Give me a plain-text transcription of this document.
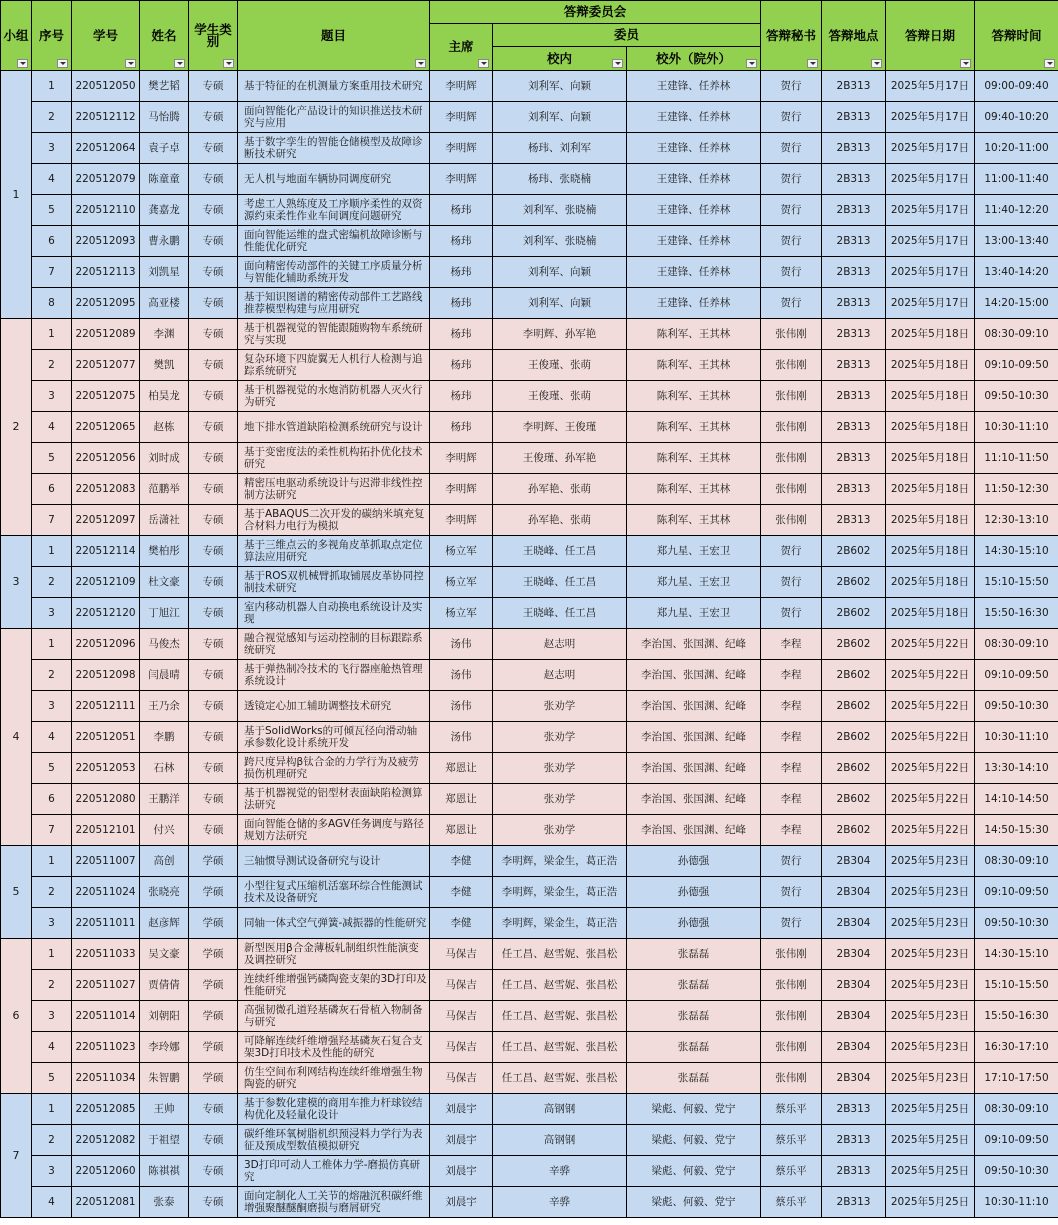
小组	序号	学号	姓名	学生类别	题目	答辩委员会			答辩秘书	答辩地点	答辩日期	答辩时间

						主席	委员					
							校内	校外（院外）				

1	1	220512050	樊艺韬	专硕	基于特征的在机测量方案重用技术研究	李明辉	刘利军、向颖	王建锋、任养林	贺行	2B313	2025年5月17日	09:00-09:40
	2	220512112	马怡腾	专硕	面向智能化产品设计的知识推送技术研究与应用	李明辉	刘利军、向颖	王建锋、任养林	贺行	2B313	2025年5月17日	09:40-10:20
	3	220512064	袁子卓	专硕	基于数字孪生的智能仓储模型及故障诊断技术研究	李明辉	杨玮、刘利军	王建锋、任养林	贺行	2B313	2025年5月17日	10:20-11:00
	4	220512079	陈童童	专硕	无人机与地面车辆协同调度研究	李明辉	杨玮、张晓楠	王建锋、任养林	贺行	2B313	2025年5月17日	11:00-11:40
	5	220512110	龚嘉龙	专硕	考虑工人熟练度及工序顺序柔性的双资源约束柔性作业车间调度问题研究	杨玮	刘利军、张晓楠	王建锋、任养林	贺行	2B313	2025年5月17日	11:40-12:20
	6	220512093	曹永鹏	专硕	面向智能运维的盘式密编机故障诊断与性能优化研究	杨玮	刘利军、张晓楠	王建锋、任养林	贺行	2B313	2025年5月17日	13:00-13:40
	7	220512113	刘凯星	专硕	面向精密传动部件的关键工序质量分析与智能化辅助系统开发	杨玮	刘利军、向颖	王建锋、任养林	贺行	2B313	2025年5月17日	13:40-14:20
	8	220512095	高亚楼	专硕	基于知识图谱的精密传动部件工艺路线推荐模型构建与应用研究	杨玮	刘利军、向颖	王建锋、任养林	贺行	2B313	2025年5月17日	14:20-15:00
2	1	220512089	李渊	专硕	基于机器视觉的智能跟随购物车系统研究与实现	杨玮	李明辉、孙军艳	陈利军、王其林	张伟刚	2B313	2025年5月18日	08:30-09:10
	2	220512077	樊凯	专硕	复杂环境下四旋翼无人机行人检测与追踪系统研究	杨玮	王俊瑾、张萌	陈利军、王其林	张伟刚	2B313	2025年5月18日	09:10-09:50
	3	220512075	柏昊龙	专硕	基于机器视觉的水炮消防机器人灭火行为研究	杨玮	王俊瑾、张萌	陈利军、王其林	张伟刚	2B313	2025年5月18日	09:50-10:30
	4	220512065	赵栋	专硕	地下排水管道缺陷检测系统研究与设计	杨玮	李明辉、王俊瑾	陈利军、王其林	张伟刚	2B313	2025年5月18日	10:30-11:10
	5	220512056	刘时成	专硕	基于变密度法的柔性机构拓扑优化技术研究	李明辉	王俊瑾、孙军艳	陈利军、王其林	张伟刚	2B313	2025年5月18日	11:10-11:50
	6	220512083	范鹏举	专硕	精密压电驱动系统设计与迟滞非线性控制方法研究	李明辉	孙军艳、张萌	陈利军、王其林	张伟刚	2B313	2025年5月18日	11:50-12:30
	7	220512097	岳潇社	专硕	基于ABAQUS二次开发的碳纳米填充复合材料力电行为模拟	李明辉	孙军艳、张萌	陈利军、王其林	张伟刚	2B313	2025年5月18日	12:30-13:10
3	1	220512114	樊柏彤	专硕	基于三维点云的多视角皮革抓取点定位算法应用研究	杨立军	王晓峰、任工昌	郑九星、王宏卫	贺行	2B602	2025年5月18日	14:30-15:10
	2	220512109	杜文豪	专硕	基于ROS双机械臂抓取铺展皮革协同控制技术研究	杨立军	王晓峰、任工昌	郑九星、王宏卫	贺行	2B602	2025年5月18日	15:10-15:50
	3	220512120	丁旭江	专硕	室内移动机器人自动换电系统设计及实现	杨立军	王晓峰、任工昌	郑九星、王宏卫	贺行	2B602	2025年5月18日	15:50-16:30
4	1	220512096	马俊杰	专硕	融合视觉感知与运动控制的目标跟踪系统研究	汤伟	赵志明	李治国、张国渊、纪峰	李程	2B602	2025年5月22日	08:30-09:10
	2	220512098	闫晨晴	专硕	基于弹热制冷技术的飞行器座舱热管理系统设计	汤伟	赵志明	李治国、张国渊、纪峰	李程	2B602	2025年5月22日	09:10-09:50
	3	220512111	王乃余	专硕	透镜定心加工辅助调整技术研究	汤伟	张劝学	李治国、张国渊、纪峰	李程	2B602	2025年5月22日	09:50-10:30
	4	220512051	李鹏	专硕	基于SolidWorks的可倾瓦径向滑动轴承参数化设计系统开发	汤伟	张劝学	李治国、张国渊、纪峰	李程	2B602	2025年5月22日	10:30-11:10
	5	220512053	石林	专硕	跨尺度异构β钛合金的力学行为及疲劳损伤机理研究	郑恩让	张劝学	李治国、张国渊、纪峰	李程	2B602	2025年5月22日	13:30-14:10
	6	220512080	王鹏洋	专硕	基于机器视觉的铝型材表面缺陷检测算法研究	郑恩让	张劝学	李治国、张国渊、纪峰	李程	2B602	2025年5月22日	14:10-14:50
	7	220512101	付兴	专硕	面向智能仓储的多AGV任务调度与路径规划方法研究	郑恩让	张劝学	李治国、张国渊、纪峰	李程	2B602	2025年5月22日	14:50-15:30
5	1	220511007	高创	学硕	三轴惯导测试设备研究与设计	李健	李明辉，梁金生，葛正浩	孙德强	贺行	2B304	2025年5月23日	08:30-09:10
	2	220511024	张晓亮	学硕	小型往复式压缩机活塞环综合性能测试技术及设备研究	李健	李明辉，梁金生，葛正浩	孙德强	贺行	2B304	2025年5月23日	09:10-09:50
	3	220511011	赵彦辉	学硕	同轴一体式空气弹簧-减振器的性能研究	李健	李明辉，梁金生，葛正浩	孙德强	贺行	2B304	2025年5月23日	09:50-10:30
6	1	220511033	吴文豪	学硕	新型医用β合金薄板轧制组织性能演变及调控研究	马保吉	任工昌、赵雪妮、张昌松	张磊磊	张伟刚	2B304	2025年5月23日	14:30-15:10
	2	220511027	贾倩倩	学硕	连续纤维增强钙磷陶瓷支架的3D打印及性能研究	马保吉	任工昌、赵雪妮、张昌松	张磊磊	张伟刚	2B304	2025年5月23日	15:10-15:50
	3	220511014	刘朝阳	学硕	高强韧微孔道羟基磷灰石骨植入物制备与研究	马保吉	任工昌、赵雪妮、张昌松	张磊磊	张伟刚	2B304	2025年5月23日	15:50-16:30
	4	220511023	李玲娜	学硕	可降解连续纤维增强羟基磷灰石复合支架3D打印技术及性能的研究	马保吉	任工昌、赵雪妮、张昌松	张磊磊	张伟刚	2B304	2025年5月23日	16:30-17:10
	5	220511034	朱智鹏	学硕	仿生空间布利网结构连续纤维增强生物陶瓷的研究	马保吉	任工昌、赵雪妮、张昌松	张磊磊	张伟刚	2B304	2025年5月23日	17:10-17:50
7	1	220512085	王帅	专硕	基于参数化建模的商用车推力杆球铰结构优化及轻量化设计	刘晨宇	高钢钢	梁彪、何毅、党宁	蔡乐平	2B313	2025年5月25日	08:30-09:10
	2	220512082	于祖望	专硕	碳纤维环氧树脂机织预浸料力学行为表征及预成型数值模拟研究	刘晨宇	高钢钢	梁彪、何毅、党宁	蔡乐平	2B313	2025年5月25日	09:10-09:50
	3	220512060	陈祺祺	专硕	3D打印可动人工椎体力学-磨损仿真研究	刘晨宇	辛骅	梁彪、何毅、党宁	蔡乐平	2B313	2025年5月25日	09:50-10:30
	4	220512081	张泰	专硕	面向定制化人工关节的熔融沉积碳纤维增强聚醚醚酮磨损与磨屑研究	刘晨宇	辛骅	梁彪、何毅、党宁	蔡乐平	2B313	2025年5月25日	10:30-11:10
